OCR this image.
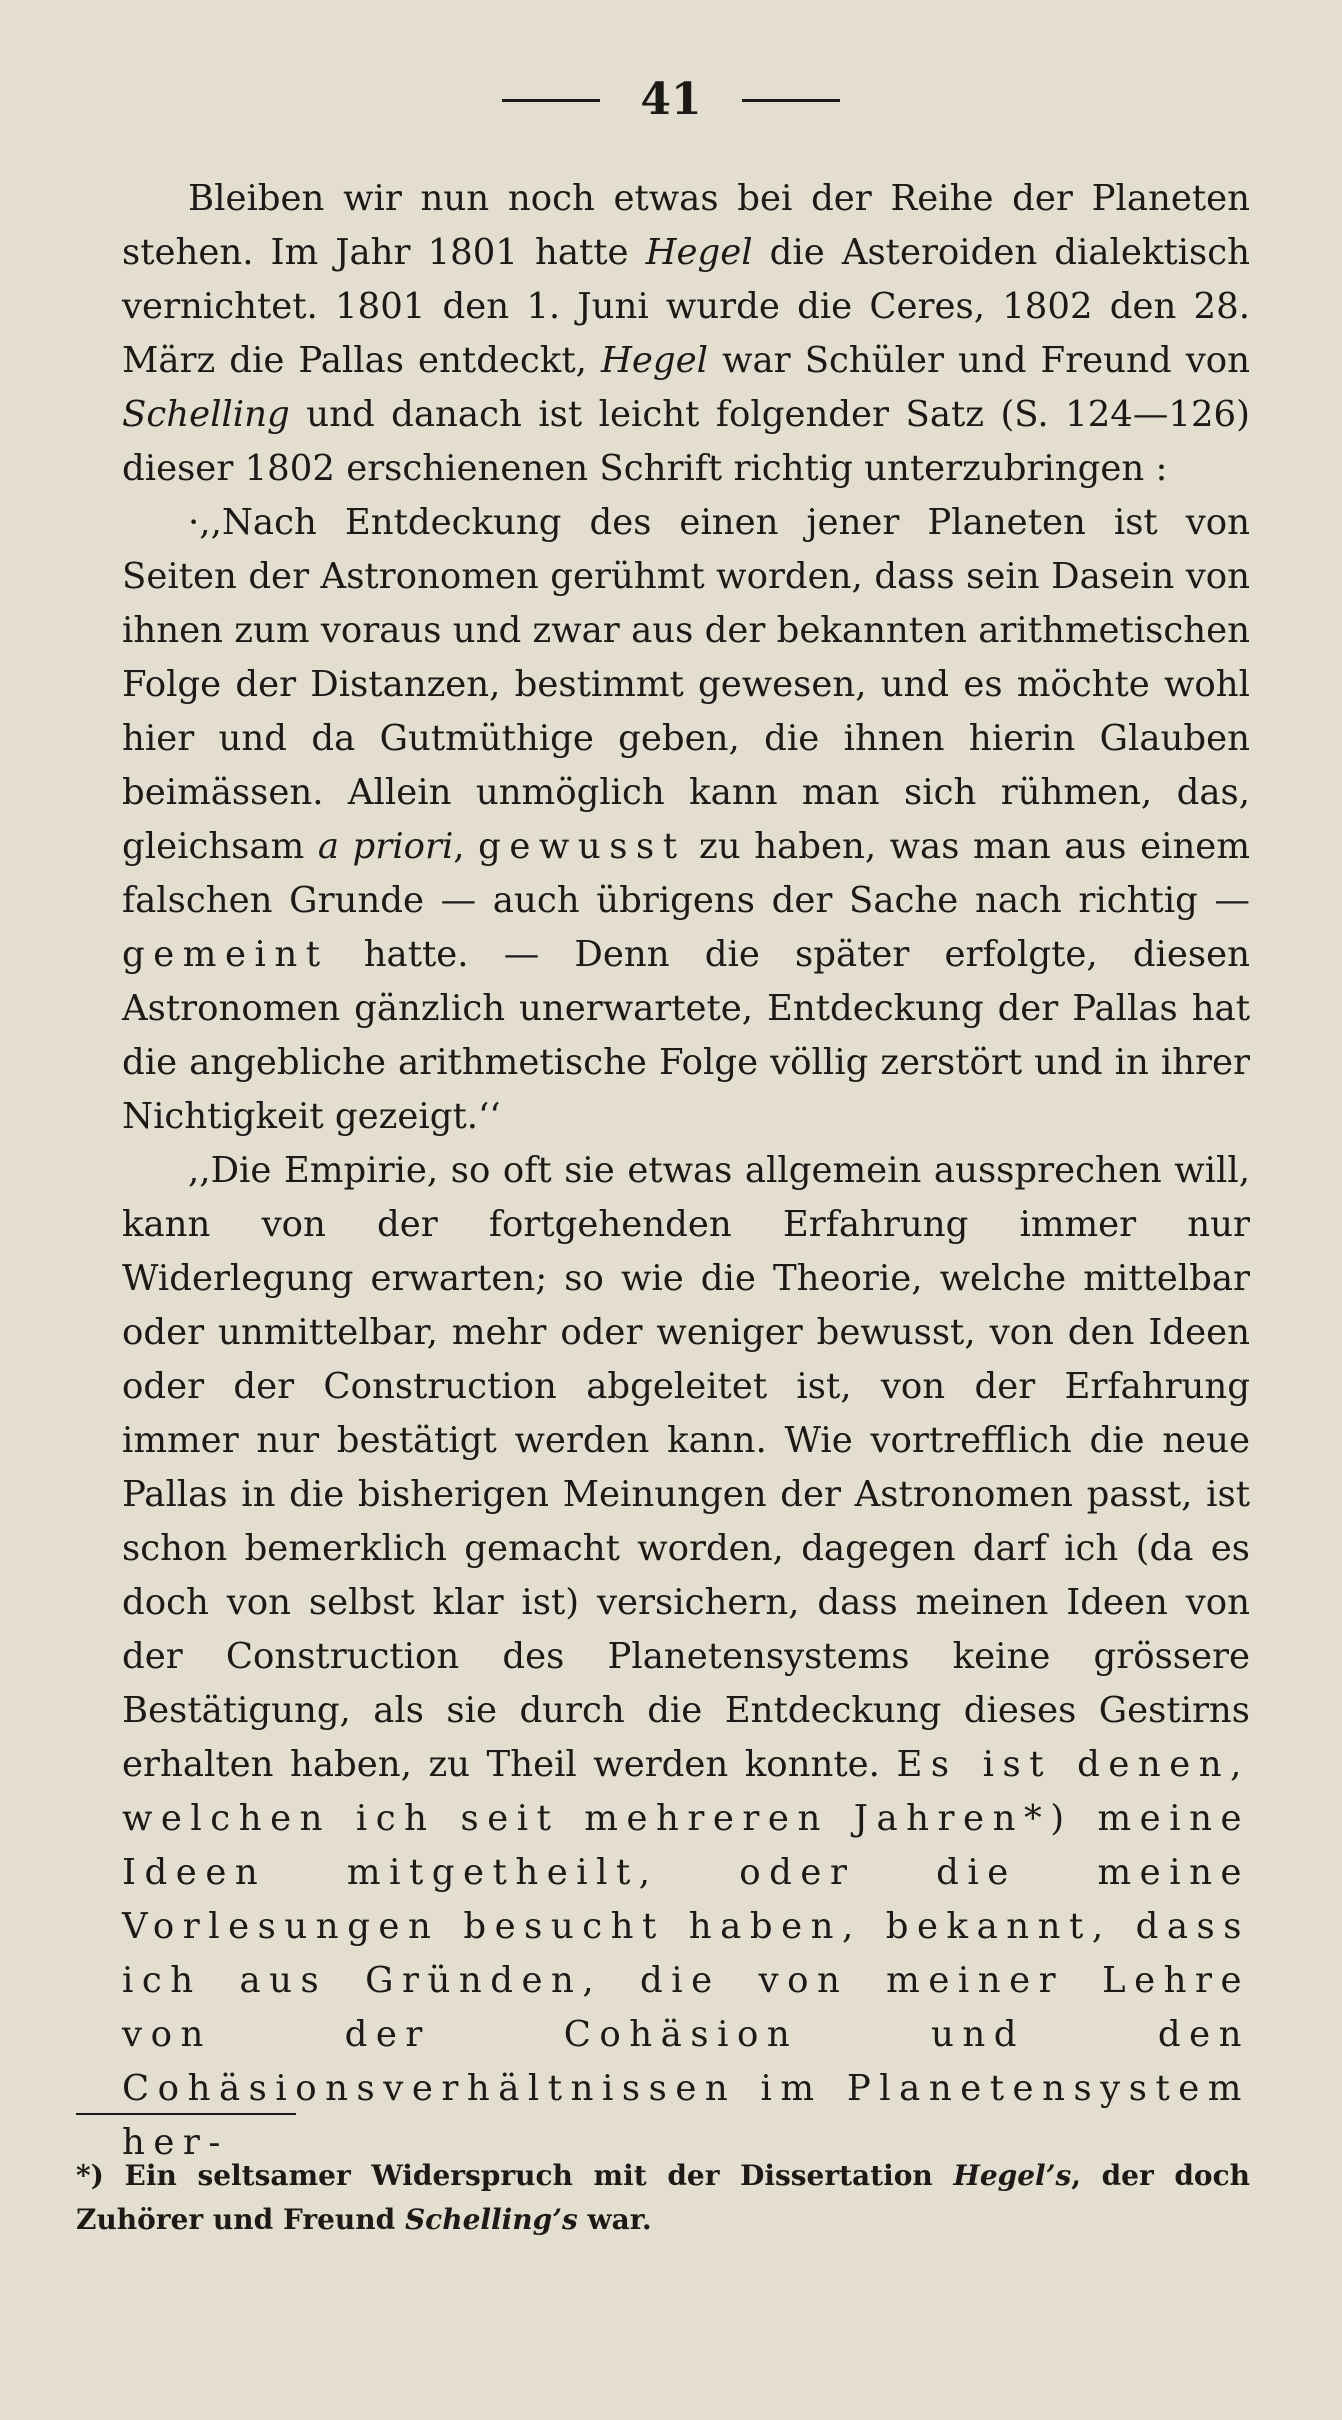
41

Bleiben wir nun noch etwas bei der Reihe der Planeten stehen. Im Jahr 1801 hatte Hegel die Asteroiden dialektisch vernichtet. 1801 den 1. Juni wurde die Ceres, 1802 den 28. März die Pallas entdeckt, Hegel war Schüler und Freund von Schelling und danach ist leicht folgender Satz (S. 124—126) dieser 1802 erschienenen Schrift richtig unterzubringen :

·,,Nach Entdeckung des einen jener Planeten ist von Seiten der Astronomen gerühmt worden, dass sein Dasein von ihnen zum voraus und zwar aus der bekannten arithmetischen Folge der Distanzen, bestimmt gewesen, und es möchte wohl hier und da Gutmüthige geben, die ihnen hierin Glauben beimässen. Allein unmöglich kann man sich rühmen, das, gleichsam a priori, gewusst zu haben, was man aus einem falschen Grunde — auch übrigens der Sache nach richtig — gemeint hatte. — Denn die später erfolgte, diesen Astronomen gänzlich unerwartete, Entdeckung der Pallas hat die angebliche arithmetische Folge völlig zerstört und in ihrer Nichtigkeit gezeigt.‘‘

,,Die Empirie, so oft sie etwas allgemein aussprechen will, kann von der fortgehenden Erfahrung immer nur Widerlegung erwarten; so wie die Theorie, welche mittelbar oder unmittelbar, mehr oder weniger bewusst, von den Ideen oder der Construction abgeleitet ist, von der Erfahrung immer nur bestätigt werden kann. Wie vortrefflich die neue Pallas in die bisherigen Meinungen der Astronomen passt, ist schon bemerklich gemacht worden, dagegen darf ich (da es doch von selbst klar ist) versichern, dass meinen Ideen von der Construction des Planetensystems keine grössere Bestätigung, als sie durch die Entdeckung dieses Gestirns erhalten haben, zu Theil werden konnte. Es ist denen, welchen ich seit mehreren Jahren*) meine Ideen mitgetheilt, oder die meine Vorlesungen besucht haben, bekannt, dass ich aus Gründen, die von meiner Lehre von der Cohäsion und den Cohäsionsverhältnissen im Planetensystem her-

*) Ein seltsamer Widerspruch mit der Dissertation Hegel’s, der doch Zuhörer und Freund Schelling’s war.
